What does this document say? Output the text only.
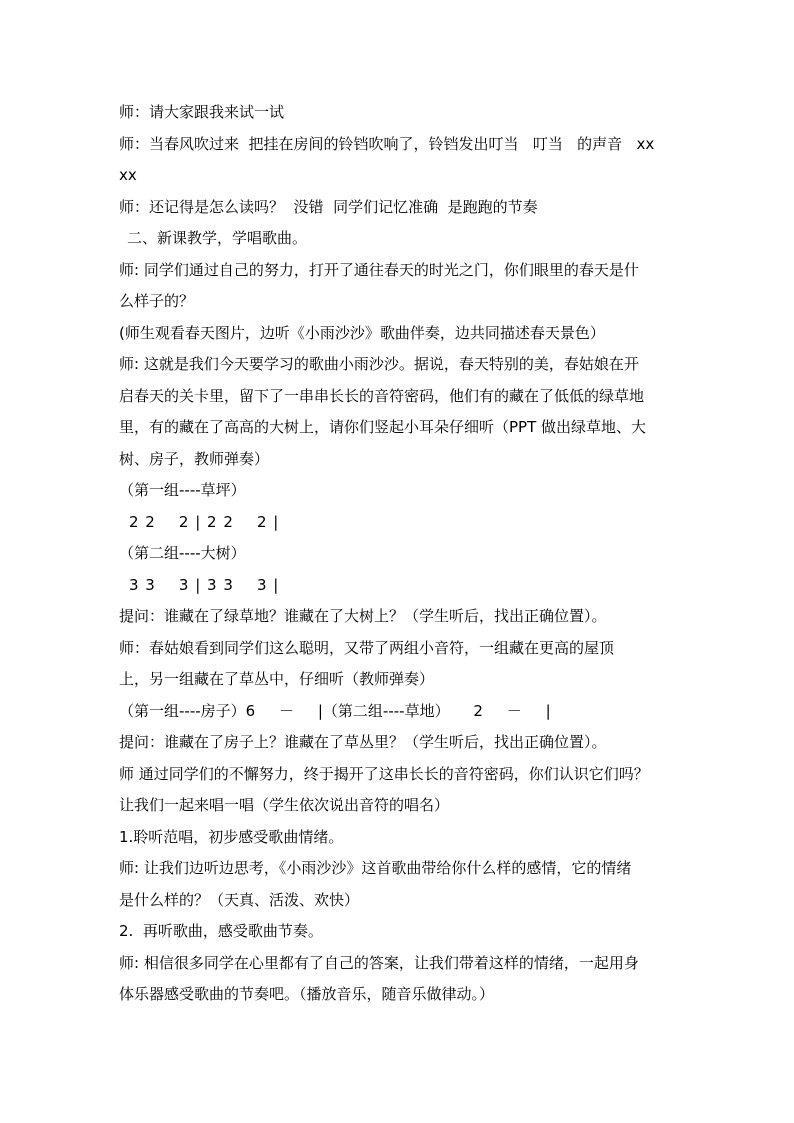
师：请大家跟我来试一试
师：当春风吹过来  把挂在房间的铃铛吹响了，铃铛发出叮当   叮当   的声音   xx
xx
师：还记得是怎么读吗？  没错  同学们记忆准确  是跑跑的节奏
二、新课教学，学唱歌曲。
师: 同学们通过自己的努力，打开了通往春天的时光之门，你们眼里的春天是什
么样子的？
(师生观看春天图片，边听《小雨沙沙》歌曲伴奏，边共同描述春天景色）
师: 这就是我们今天要学习的歌曲小雨沙沙。据说，春天特别的美，春姑娘在开
启春天的关卡里，留下了一串串长长的音符密码，他们有的藏在了低低的绿草地
里，有的藏在了高高的大树上，请你们竖起小耳朵仔细听（PPT 做出绿草地、大
树、房子，教师弹奏）
（第一组----草坪）
2 2    2 | 2 2    2 |
（第二组----大树）
3 3    3 | 3 3    3 |
提问：谁藏在了绿草地？谁藏在了大树上？（学生听后，找出正确位置）。
师：春姑娘看到同学们这么聪明，又带了两组小音符，一组藏在更高的屋顶
上，另一组藏在了草丛中，仔细听（教师弹奏）
（第一组----房子）6     －     |（第二组----草地）     2     －     |
提问：谁藏在了房子上？谁藏在了草丛里？（学生听后，找出正确位置）。
师 通过同学们的不懈努力，终于揭开了这串长长的音符密码，你们认识它们吗？
让我们一起来唱一唱（学生依次说出音符的唱名）
1.聆听范唱，初步感受歌曲情绪。
师: 让我们边听边思考，《小雨沙沙》这首歌曲带给你什么样的感情，它的情绪
是什么样的？（天真、活泼、欢快）
2.  再听歌曲，感受歌曲节奏。
师: 相信很多同学在心里都有了自己的答案，让我们带着这样的情绪，一起用身
体乐器感受歌曲的节奏吧。（播放音乐，随音乐做律动。）
